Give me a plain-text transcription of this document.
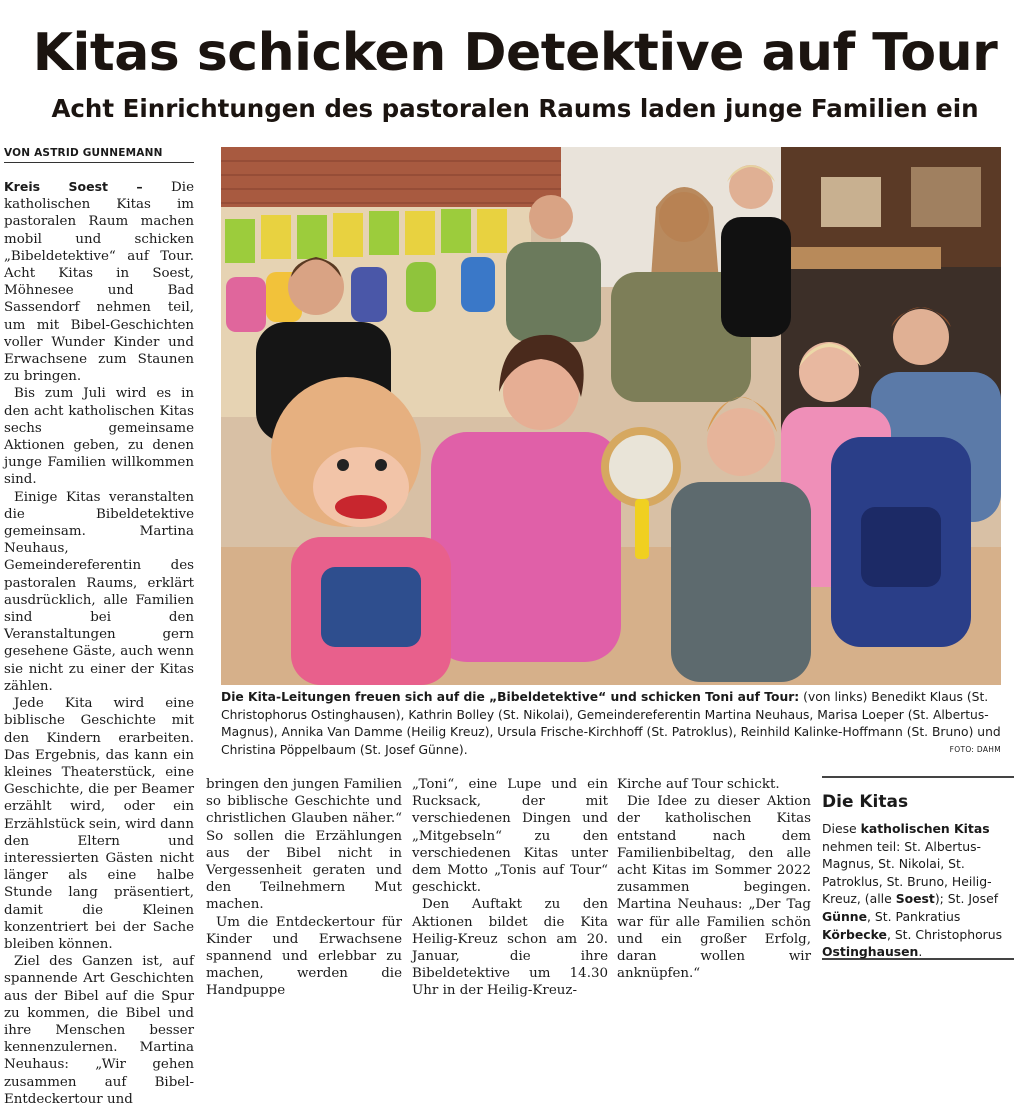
Kitas schicken Detektive auf Tour
Acht Einrichtungen des pastoralen Raums laden junge Familien ein
VON ASTRID GUNNEMANN

Kreis Soest – Die katholischen Kitas im pastoralen Raum machen mobil und schicken „Bibeldetektive“ auf Tour. Acht Kitas in Soest, Möhnesee und Bad Sassendorf nehmen teil, um mit Bibel-Geschichten voller Wunder Kinder und Erwachsene zum Staunen zu bringen.

Bis zum Juli wird es in den acht katholischen Kitas sechs gemeinsame Aktionen geben, zu denen junge Familien willkommen sind.

Einige Kitas veranstalten die Bibeldetektive gemeinsam. Martina Neuhaus, Gemeindereferentin des pastoralen Raums, erklärt ausdrücklich, alle Familien sind bei den Veranstaltungen gern gesehene Gäste, auch wenn sie nicht zu einer der Kitas zählen.

Jede Kita wird eine biblische Geschichte mit den Kindern erarbeiten. Das Ergebnis, das kann ein kleines Theaterstück, eine Geschichte, die per Beamer erzählt wird, oder ein Erzählstück sein, wird dann den Eltern und interessierten Gästen nicht länger als eine halbe Stunde lang präsentiert, damit die Kleinen konzentriert bei der Sache bleiben können.

Ziel des Ganzen ist, auf spannende Art Geschichten aus der Bibel auf die Spur zu kommen, die Bibel und ihre Menschen besser kennenzulernen. Martina Neuhaus: „Wir gehen zusammen auf Bibel-Entdeckertour und

Die Kita-Leitungen freuen sich auf die „Bibeldetektive“ und schicken Toni auf Tour: (von links) Benedikt Klaus (St. Christophorus Ostinghausen), Kathrin Bolley (St. Nikolai), Gemeindereferentin Martina Neuhaus, Marisa Loeper (St. Albertus-Magnus), Annika Van Damme (Heilig Kreuz), Ursula Frische-Kirchhoff (St. Patroklus), Reinhild Kalinke-Hoffmann (St. Bruno) und Christina Pöppelbaum (St. Josef Günne).	FOTO: DAHM

bringen den jungen Familien so biblische Geschichte und christlichen Glauben näher.“ So sollen die Erzählungen aus der Bibel nicht in Vergessenheit geraten und den Teilnehmern Mut machen.

Um die Entdeckertour für Kinder und Erwachsene spannend und erlebbar zu machen, werden die Handpuppe

„Toni“, eine Lupe und ein Rucksack, der mit verschiedenen Dingen und „Mitgebseln“ zu den verschiedenen Kitas unter dem Motto „Tonis auf Tour“ geschickt.

Den Auftakt zu den Aktionen bildet die Kita Heilig-Kreuz schon am 20. Januar, die ihre Bibeldetektive um 14.30 Uhr in der Heilig-Kreuz-

Kirche auf Tour schickt.

Die Idee zu dieser Aktion der katholischen Kitas entstand nach dem Familienbibeltag, den alle acht Kitas im Sommer 2022 zusammen begingen. Martina Neuhaus: „Der Tag war für alle Familien schön und ein großer Erfolg, daran wollen wir anknüpfen.“

Die Kitas
Diese katholischen Kitas nehmen teil: St. Albertus-Magnus, St. Nikolai, St. Patroklus, St. Bruno, Heilig-Kreuz, (alle Soest); St. Josef Günne, St. Pankratius Körbecke, St. Christophorus Ostinghausen.
